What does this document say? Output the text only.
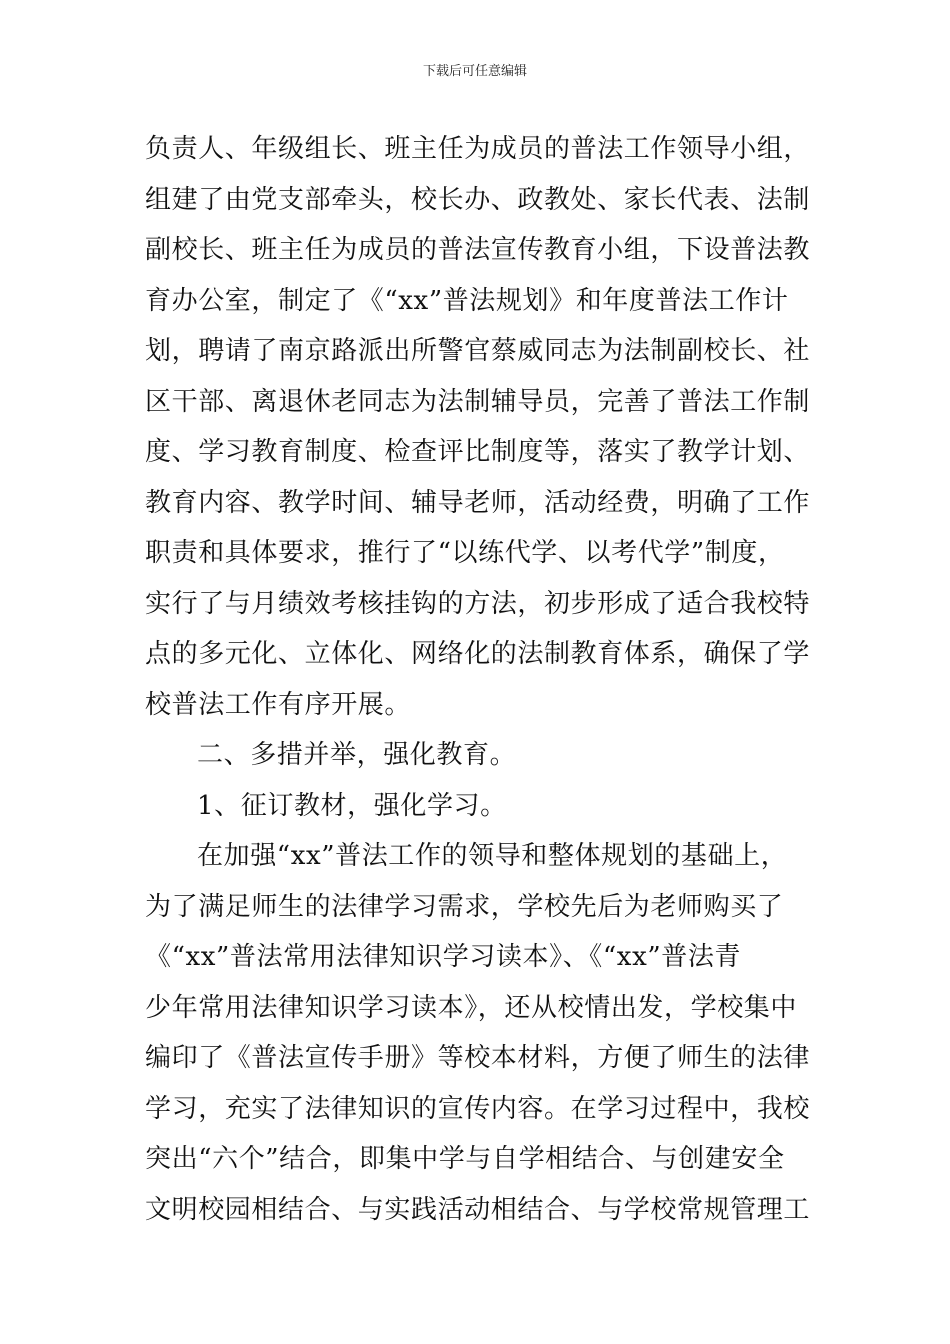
下载后可任意编辑
负责人、年级组长、班主任为成员的普法工作领导小组，
组建了由党支部牵头，校长办、政教处、家长代表、法制
副校长、班主任为成员的普法宣传教育小组，下设普法教
育办公室，制定了《“xx”普法规划》和年度普法工作计
划，聘请了南京路派出所警官蔡威同志为法制副校长、社
区干部、离退休老同志为法制辅导员，完善了普法工作制
度、学习教育制度、检查评比制度等，落实了教学计划、
教育内容、教学时间、辅导老师，活动经费，明确了工作
职责和具体要求，推行了“以练代学、以考代学”制度，
实行了与月绩效考核挂钩的方法，初步形成了适合我校特
点的多元化、立体化、网络化的法制教育体系，确保了学
校普法工作有序开展。
二、多措并举，强化教育。
1、征订教材，强化学习。
在加强“xx”普法工作的领导和整体规划的基础上，
为了满足师生的法律学习需求，学校先后为老师购买了
《“xx”普法常用法律知识学习读本》、《“xx”普法青
少年常用法律知识学习读本》，还从校情出发，学校集中
编印了《普法宣传手册》等校本材料，方便了师生的法律
学习，充实了法律知识的宣传内容。在学习过程中，我校
突出“六个”结合，即集中学与自学相结合、与创建安全
文明校园相结合、与实践活动相结合、与学校常规管理工
